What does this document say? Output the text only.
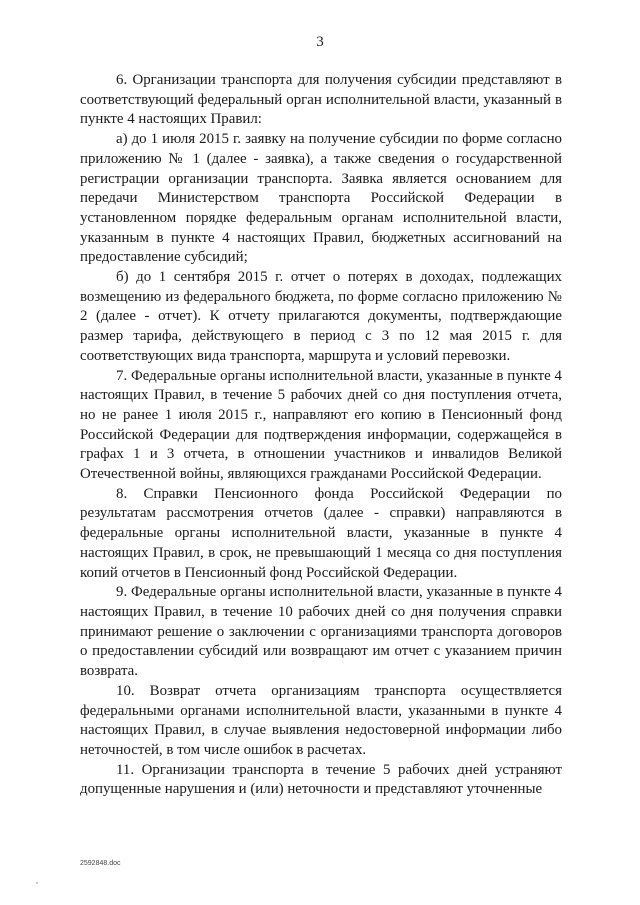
3

6. Организации транспорта для получения субсидии представляют в соответствующий федеральный орган исполнительной власти, указанный в пункте 4 настоящих Правил:

а) до 1 июля 2015 г. заявку на получение субсидии по форме согласно приложению № 1 (далее - заявка), а также сведения о государственной регистрации организации транспорта. Заявка является основанием для передачи Министерством транспорта Российской Федерации в установленном порядке федеральным органам исполнительной власти, указанным в пункте 4 настоящих Правил, бюджетных ассигнований на предоставление субсидий;

б) до 1 сентября 2015 г. отчет о потерях в доходах, подлежащих возмещению из федерального бюджета, по форме согласно приложению № 2 (далее - отчет). К отчету прилагаются документы, подтверждающие размер тарифа, действующего в период с 3 по 12 мая 2015 г. для соответствующих вида транспорта, маршрута и условий перевозки.

7. Федеральные органы исполнительной власти, указанные в пункте 4 настоящих Правил, в течение 5 рабочих дней со дня поступления отчета, но не ранее 1 июля 2015 г., направляют его копию в Пенсионный фонд Российской Федерации для подтверждения информации, содержащейся в графах 1 и 3 отчета, в отношении участников и инвалидов Великой Отечественной войны, являющихся гражданами Российской Федерации.

8. Справки Пенсионного фонда Российской Федерации по результатам рассмотрения отчетов (далее - справки) направляются в федеральные органы исполнительной власти, указанные в пункте 4 настоящих Правил, в срок, не превышающий 1 месяца со дня поступления копий отчетов в Пенсионный фонд Российской Федерации.

9. Федеральные органы исполнительной власти, указанные в пункте 4 настоящих Правил, в течение 10 рабочих дней со дня получения справки принимают решение о заключении с организациями транспорта договоров о предоставлении субсидий или возвращают им отчет с указанием причин возврата.

10. Возврат отчета организациям транспорта осуществляется федеральными органами исполнительной власти, указанными в пункте 4 настоящих Правил, в случае выявления недостоверной информации либо неточностей, в том числе ошибок в расчетах.

11. Организации транспорта в течение 5 рабочих дней устраняют допущенные нарушения и (или) неточности и представляют уточненные

2592848.doc
